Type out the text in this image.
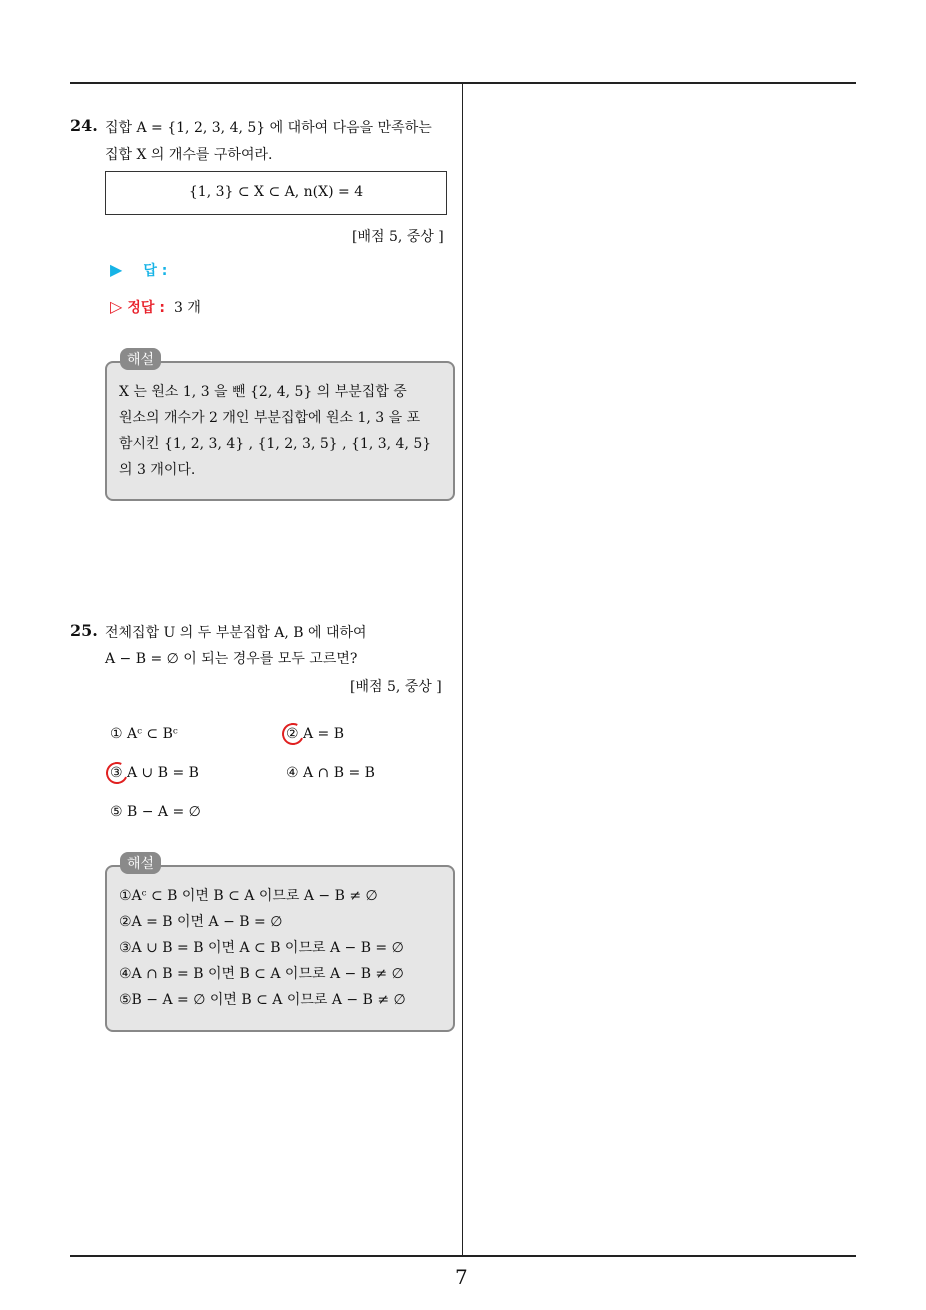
7
24. 집합 A = {1, 2, 3, 4, 5} 에 대하여 다음을 만족하는
집합 X 의 개수를 구하여라.
{1, 3} ⊂ X ⊂ A, n(X) = 4
[배점 5, 중상 ]
▶ 답 :
▷ 정답 : 3 개
X 는 원소 1, 3 을 뺀 {2, 4, 5} 의 부분집합 중
원소의 개수가 2 개인 부분집합에 원소 1, 3 을 포
함시킨 {1, 2, 3, 4} , {1, 2, 3, 5} , {1, 3, 4, 5}
의 3 개이다.
해설
25. 전체집합 U 의 두 부분집합 A, B 에 대하여
A − B = ∅ 이 되는 경우를 모두 고르면?
[배점 5, 중상 ]
① Aᶜ ⊂ Bᶜ	② A = B
③ A ∪ B = B	④ A ∩ B = B
⑤ B − A = ∅
①Aᶜ ⊂ B 이면 B ⊂ A 이므로 A − B ≠ ∅
②A = B 이면 A − B = ∅
③A ∪ B = B 이면 A ⊂ B 이므로 A − B = ∅
④A ∩ B = B 이면 B ⊂ A 이므로 A − B ≠ ∅
⑤B − A = ∅ 이면 B ⊂ A 이므로 A − B ≠ ∅
해설
